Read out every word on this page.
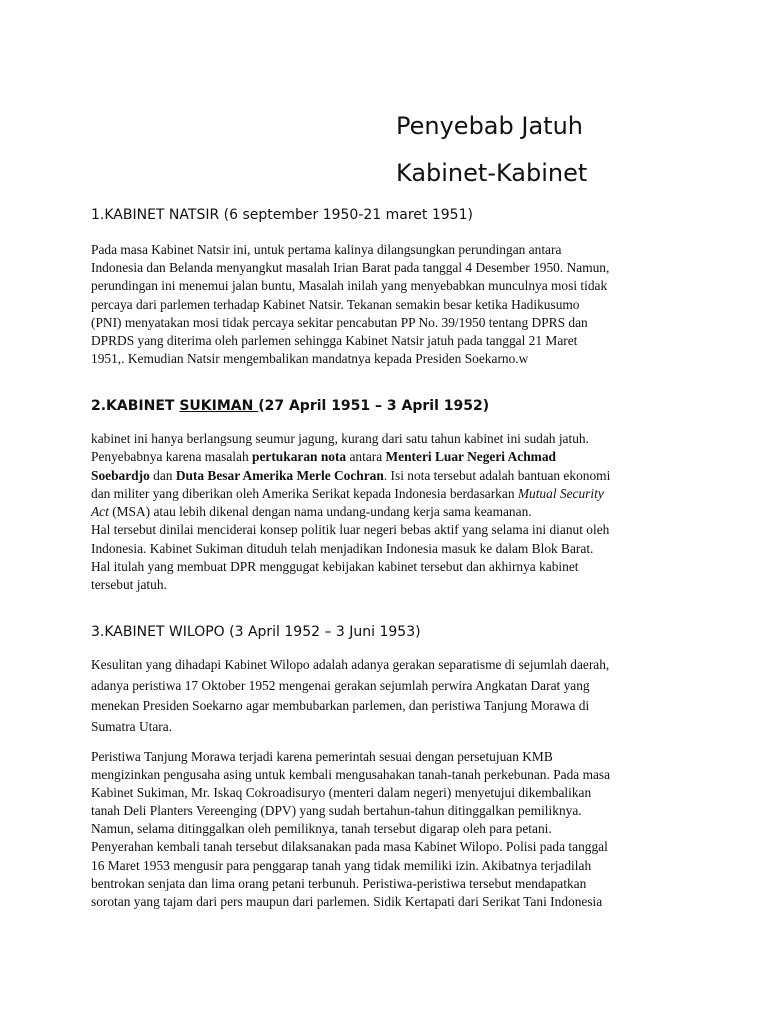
Penyebab Jatuh
Kabinet-Kabinet
1.KABINET NATSIR (6 september 1950-21 maret 1951)
Pada masa Kabinet Natsir ini, untuk pertama kalinya dilangsungkan perundingan antara
Indonesia dan Belanda menyangkut masalah Irian Barat pada tanggal 4 Desember 1950. Namun,
perundingan ini menemui jalan buntu, Masalah inilah yang menyebabkan munculnya mosi tidak
percaya dari parlemen terhadap Kabinet Natsir. Tekanan semakin besar ketika Hadikusumo
(PNI) menyatakan mosi tidak percaya sekitar pencabutan PP No. 39/1950 tentang DPRS dan
DPRDS yang diterima oleh parlemen sehingga Kabinet Natsir jatuh pada tanggal 21 Maret
1951,. Kemudian Natsir mengembalikan mandatnya kepada Presiden Soekarno.w
2.KABINET SUKIMAN (27 April 1951 – 3 April 1952)
kabinet ini hanya berlangsung seumur jagung, kurang dari satu tahun kabinet ini sudah jatuh.
Penyebabnya karena masalah pertukaran nota antara Menteri Luar Negeri Achmad
Soebardjo dan Duta Besar Amerika Merle Cochran. Isi nota tersebut adalah bantuan ekonomi
dan militer yang diberikan oleh Amerika Serikat kepada Indonesia berdasarkan Mutual Security
Act (MSA) atau lebih dikenal dengan nama undang-undang kerja sama keamanan.
Hal tersebut dinilai menciderai konsep politik luar negeri bebas aktif yang selama ini dianut oleh
Indonesia. Kabinet Sukiman dituduh telah menjadikan Indonesia masuk ke dalam Blok Barat.
Hal itulah yang membuat DPR menggugat kebijakan kabinet tersebut dan akhirnya kabinet
tersebut jatuh.
3.KABINET WILOPO (3 April 1952 – 3 Juni 1953)
Kesulitan yang dihadapi Kabinet Wilopo adalah adanya gerakan separatisme di sejumlah daerah,
adanya peristiwa 17 Oktober 1952 mengenai gerakan sejumlah perwira Angkatan Darat yang
menekan Presiden Soekarno agar membubarkan parlemen, dan peristiwa Tanjung Morawa di
Sumatra Utara.
Peristiwa Tanjung Morawa terjadi karena pemerintah sesuai dengan persetujuan KMB
mengizinkan pengusaha asing untuk kembali mengusahakan tanah-tanah perkebunan. Pada masa
Kabinet Sukiman, Mr. Iskaq Cokroadisuryo (menteri dalam negeri) menyetujui dikembalikan
tanah Deli Planters Vereenging (DPV) yang sudah bertahun-tahun ditinggalkan pemiliknya.
Namun, selama ditinggalkan oleh pemiliknya, tanah tersebut digarap oleh para petani.
Penyerahan kembali tanah tersebut dilaksanakan pada masa Kabinet Wilopo. Polisi pada tanggal
16 Maret 1953 mengusir para penggarap tanah yang tidak memiliki izin. Akibatnya terjadilah
bentrokan senjata dan lima orang petani terbunuh. Peristiwa-peristiwa tersebut mendapatkan
sorotan yang tajam dari pers maupun dari parlemen. Sidik Kertapati dari Serikat Tani Indonesia
